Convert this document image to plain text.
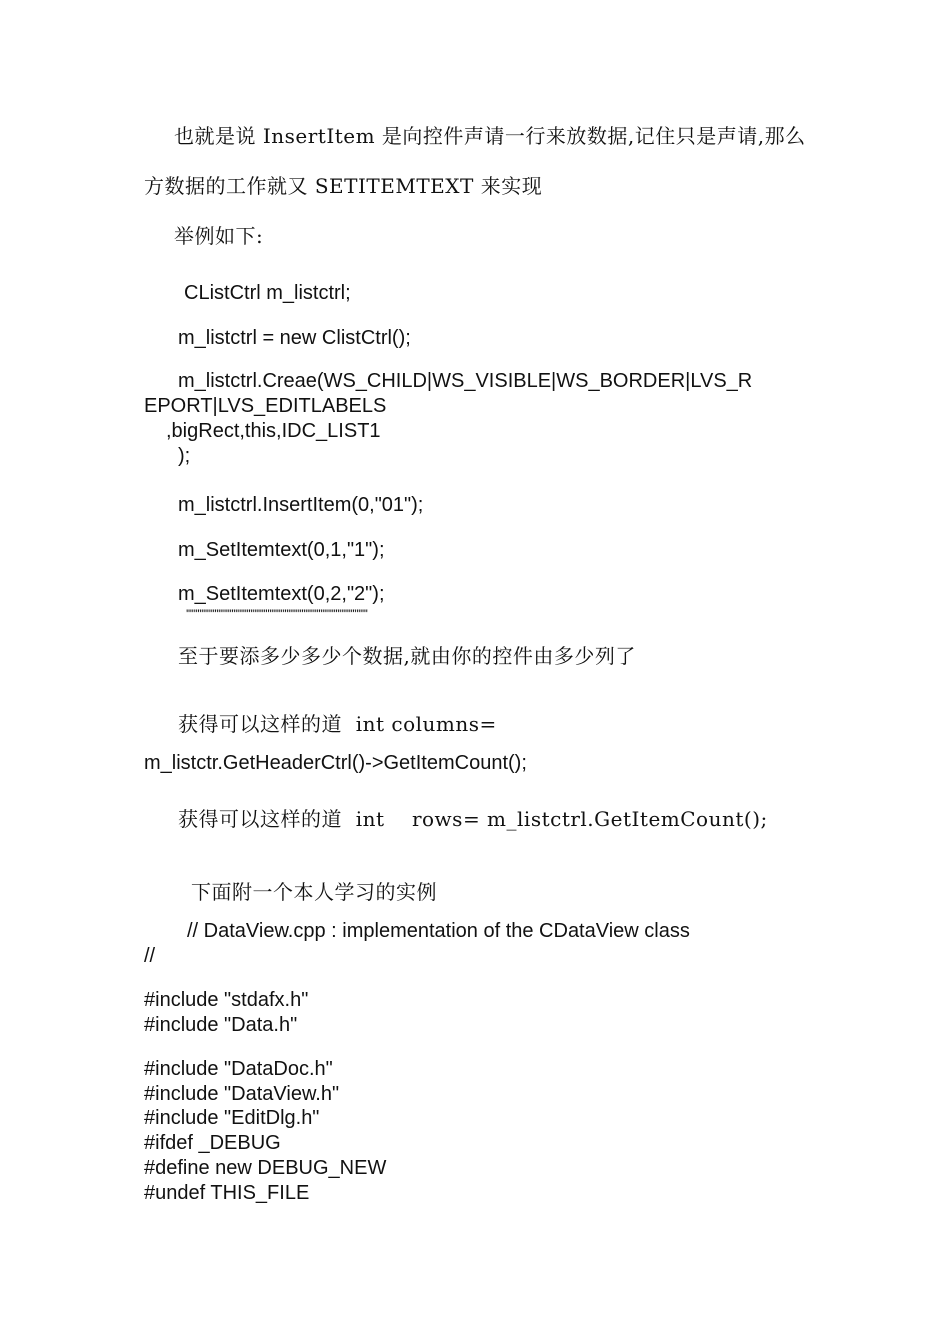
也就是说 InsertItem 是向控件声请一行来放数据,记住只是声请,那么

方数据的工作就又 SETITEMTEXT 来实现

举例如下:

CListCtrl m_listctrl;

m_listctrl = new ClistCtrl();

m_listctrl.Creae(WS_CHILD|WS_VISIBLE|WS_BORDER|LVS_R

EPORT|LVS_EDITLABELS

,bigRect,this,IDC_LIST1

);

m_listctrl.InsertItem(0,"01");

m_SetItemtext(0,1,"1");

m_SetItemtext(0,2,"2");

''''''''''''''''''''''''''''''''''''''''''''''''''''''''''''''''''''''''''''''''''''''''''''''''

至于要添多少多少个数据,就由你的控件由多少列了

获得可以这样的道  int columns=

m_listctr.GetHeaderCtrl()->GetItemCount();

获得可以这样的道  int    rows= m_listctrl.GetItemCount();

下面附一个本人学习的实例

// DataView.cpp : implementation of the CDataView class

//

#include "stdafx.h"

#include "Data.h"

#include "DataDoc.h"

#include "DataView.h"

#include "EditDlg.h"

#ifdef _DEBUG

#define new DEBUG_NEW

#undef THIS_FILE
